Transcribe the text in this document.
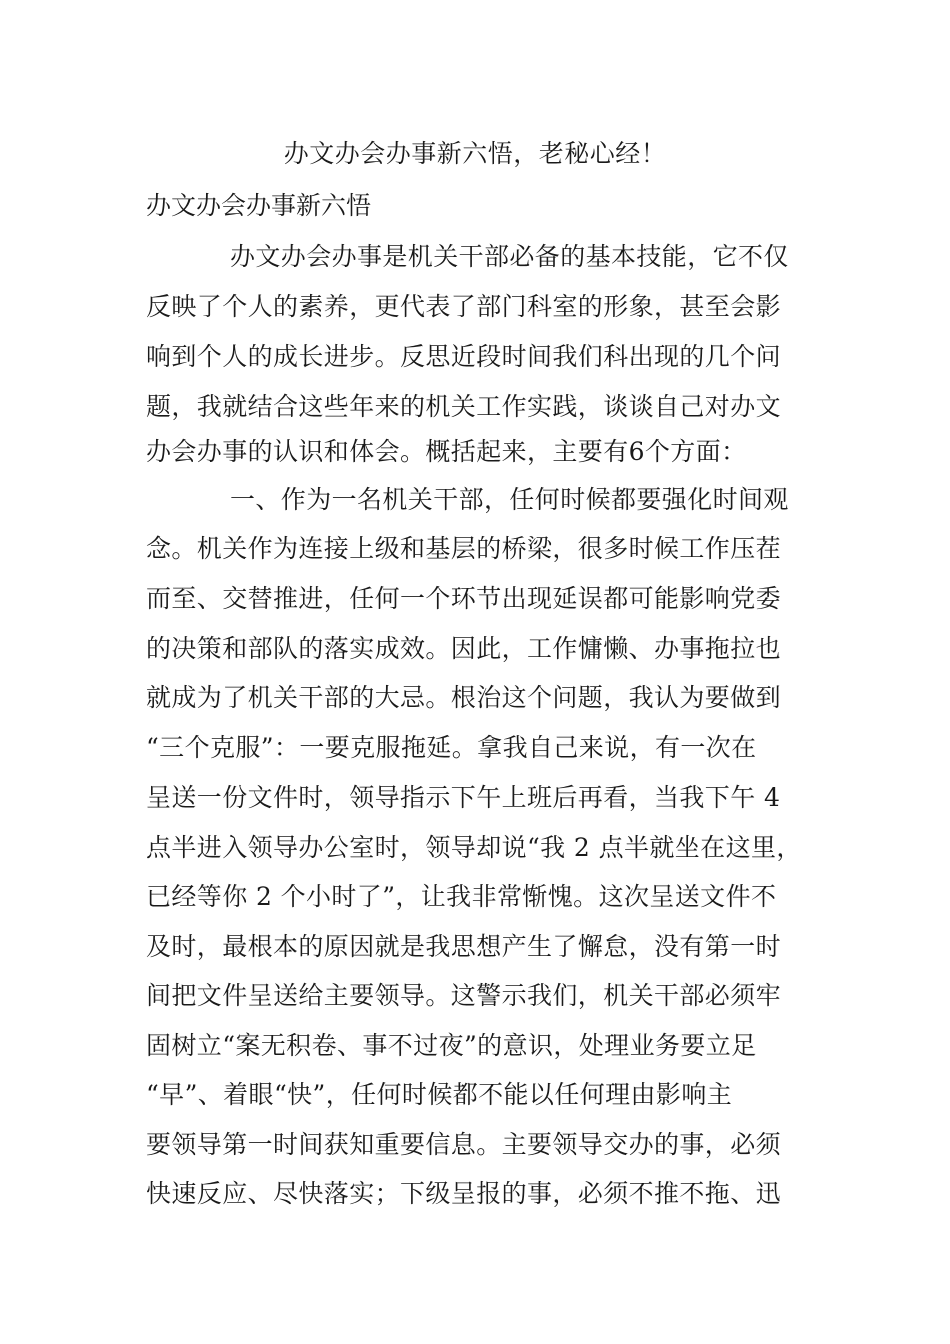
办文办会办事新六悟，老秘心经！
办文办会办事新六悟
办文办会办事是机关干部必备的基本技能，它不仅
反映了个人的素养，更代表了部门科室的形象，甚至会影
响到个人的成长进步。反思近段时间我们科出现的几个问
题，我就结合这些年来的机关工作实践，谈谈自己对办文
办会办事的认识和体会。概括起来，主要有6个方面：
一、作为一名机关干部，任何时候都要强化时间观
念。机关作为连接上级和基层的桥梁，很多时候工作压茬
而至、交替推进，任何一个环节出现延误都可能影响党委
的决策和部队的落实成效。因此，工作慵懒、办事拖拉也
就成为了机关干部的大忌。根治这个问题，我认为要做到
“三个克服”：一要克服拖延。拿我自己来说，有一次在
呈送一份文件时，领导指示下午上班后再看，当我下午 4
点半进入领导办公室时，领导却说“我 2 点半就坐在这里，
已经等你 2 个小时了”，让我非常惭愧。这次呈送文件不
及时，最根本的原因就是我思想产生了懈怠，没有第一时
间把文件呈送给主要领导。这警示我们，机关干部必须牢
固树立“案无积卷、事不过夜”的意识，处理业务要立足
“早”、着眼“快”，任何时候都不能以任何理由影响主
要领导第一时间获知重要信息。主要领导交办的事，必须
快速反应、尽快落实；下级呈报的事，必须不推不拖、迅
